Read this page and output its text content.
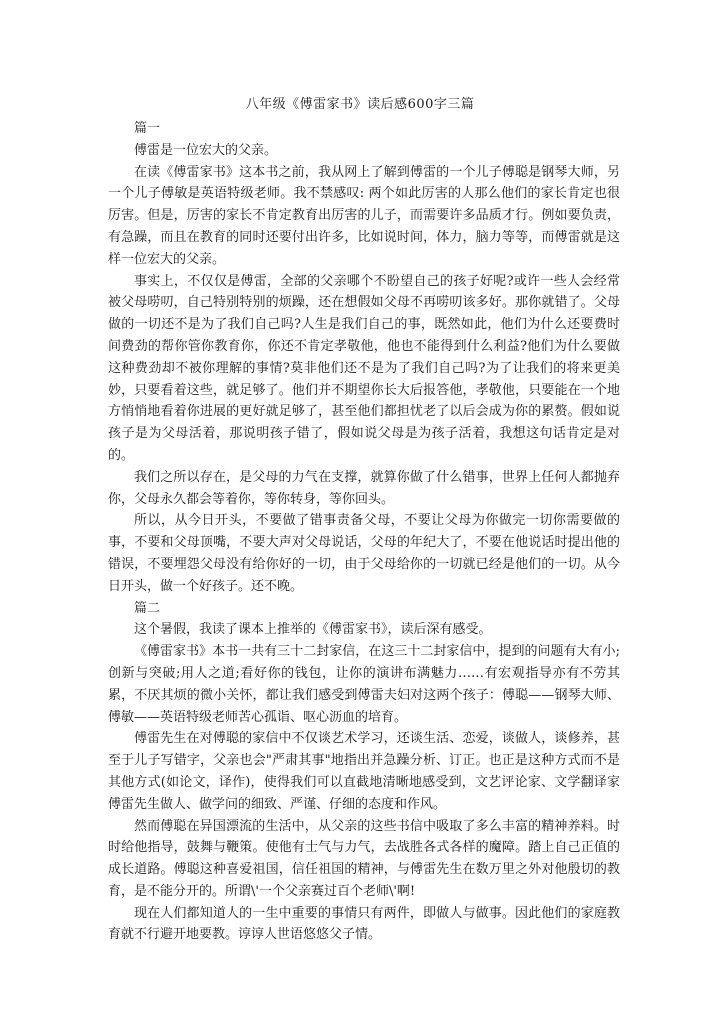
八年级《傅雷家书》读后感600字三篇

篇一

傅雷是一位宏大的父亲。

在读《傅雷家书》这本书之前，我从网上了解到傅雷的一个儿子傅聪是钢琴大师，另一个儿子傅敏是英语特级老师。我不禁感叹: 两个如此厉害的人那么他们的家长肯定也很厉害。但是，厉害的家长不肯定教育出厉害的儿子，而需要许多品质才行。例如要负责，有急躁，而且在教育的同时还要付出许多，比如说时间，体力，脑力等等，而傅雷就是这样一位宏大的父亲。

事实上，不仅仅是傅雷，全部的父亲哪个不盼望自己的孩子好呢?或许一些人会经常被父母唠叨，自己特别特别的烦躁，还在想假如父母不再唠叨该多好。那你就错了。父母做的一切还不是为了我们自己吗?人生是我们自己的事，既然如此，他们为什么还要费时间费劲的帮你管你教育你，你还不肯定孝敬他，他也不能得到什么利益?他们为什么要做这种费劲却不被你理解的事情?莫非他们还不是为了我们自己吗?为了让我们的将来更美妙，只要看着这些，就足够了。他们并不期望你长大后报答他，孝敬他，只要能在一个地方悄悄地看着你进展的更好就足够了，甚至他们都担忧老了以后会成为你的累赘。假如说孩子是为父母活着，那说明孩子错了，假如说父母是为孩子活着，我想这句话肯定是对的。

我们之所以存在，是父母的力气在支撑，就算你做了什么错事，世界上任何人都抛弃你，父母永久都会等着你，等你转身，等你回头。

所以，从今日开头，不要做了错事责备父母，不要让父母为你做完一切你需要做的事，不要和父母顶嘴，不要大声对父母说话，父母的年纪大了，不要在他说话时提出他的错误，不要埋怨父母没有给你好的一切，由于父母给你的一切就已经是他们的一切。从今日开头，做一个好孩子。还不晚。

篇二

这个暑假，我读了课本上推举的《傅雷家书》，读后深有感受。

《傅雷家书》本书一共有三十二封家信，在这三十二封家信中，提到的问题有大有小;创新与突破;用人之道;看好你的钱包，让你的演讲布满魅力……有宏观指导亦有不劳其累，不厌其烦的微小关怀，都让我们感受到傅雷夫妇对这两个孩子：傅聪——钢琴大师、傅敏——英语特级老师苦心孤诣、呕心沥血的培育。

傅雷先生在对傅聪的家信中不仅谈艺术学习，还谈生活、恋爱，谈做人，谈修养，甚至于儿子写错字，父亲也会"严肃其事"地指出并急躁分析、订正。也正是这种方式而不是其他方式(如论文，译作)，使得我们可以直截地清晰地感受到，文艺评论家、文学翻译家傅雷先生做人、做学问的细致、严谨、仔细的态度和作风。

然而傅聪在异国漂流的生活中，从父亲的这些书信中吸取了多么丰富的精神养料。时时给他指导，鼓舞与鞭策。使他有士气与力气，去战胜各式各样的魔障。踏上自己正值的成长道路。傅聪这种喜爱祖国，信任祖国的精神，与傅雷先生在数万里之外对他殷切的教育，是不能分开的。所谓\'一个父亲赛过百个老师\'啊!

现在人们都知道人的一生中重要的事情只有两件，即做人与做事。因此他们的家庭教育就不行避开地要教。谆谆人世语悠悠父子情。
